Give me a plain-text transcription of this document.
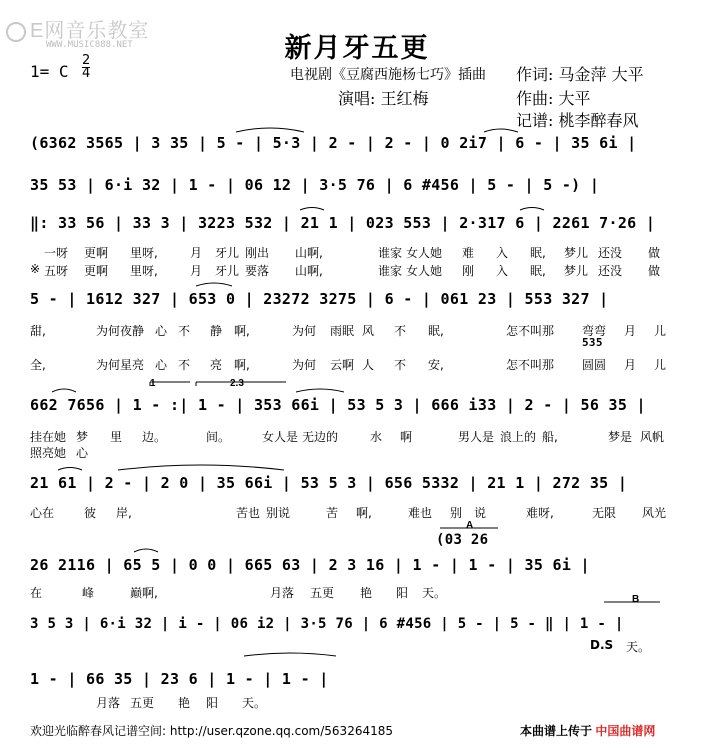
E网音乐教室
WWW.MUSIC888.NET	新月牙五更
1= C
2
4	电视剧《豆腐西施杨七巧》插曲
演唱: 王红梅
作词: 马金萍 大平
作曲: 大平
记谱: 桃李醉春风
(6362 3565 | 3 35 | 5 - | 5·3 | 2 - | 2 - | 0 2i7 | 6 - | 35 6i |
35 53 | 6·i 32 | 1 - | 06 12 | 3·5 76 | 6 #456 | 5 - | 5 -) |
‖: 33 56 | 33 3 | 3223 532 | 21 1 | 023 553 | 2·317 6 | 2261 7·26 |
一呀 更啊 里呀,	月 牙儿 刚出 山啊,	谁家 女人她 难 入 眠, 梦儿 还没 做
※ 五呀 更啊 里呀,	月 牙儿 要落 山啊,	谁家 女人她 刚 入 眠, 梦儿 还没 做
5 - | 1612 327 | 653 0 | 23272 3275 | 6 - | 061 23 | 553 327 |
甜,	为何夜静 心 不 静 啊,	为何 雨眠 风 不 眠,	怎不叫那 弯弯 月 儿
535
全,	为何星亮 心 不 亮 啊,	为何 云啊 人 不 安,	怎不叫那 圆圆 月 儿
1	2.3
662 7656 | 1 - :| 1 - | 353 66i | 53 5 3 | 666 i33 | 2 - | 56 35 |
挂在她 梦 里 边。	间。	女人是 无边的	水 啊	男人是 浪上的 船,	梦是 风帆
照亮她 心
21 61 | 2 - | 2 0 | 35 66i | 53 5 3 | 656 5332 | 21 1 | 272 35 |
心在 彼 岸,	苦也 别说	苦 啊,	难也 别 说	难呀,	无限 风光
A
(03 26
26 2116 | 65 5 | 0 0 | 665 63 | 2 3 16 | 1 - | 1 - | 35 6i |
在	峰	巅啊,	月落 五更 艳 阳 天。	B
3 5 3 | 6·i 32 | i - | 06 i2 | 3·5 76 | 6 #456 | 5 - | 5 - ‖ | 1 - |
D.S 天。
1 - | 66 35 | 23 6 | 1 - | 1 - |
月落 五更 艳 阳 天。
欢迎光临醉春风记谱空间: http://user.qzone.qq.com/563264185	本曲谱上传于 中国曲谱网
